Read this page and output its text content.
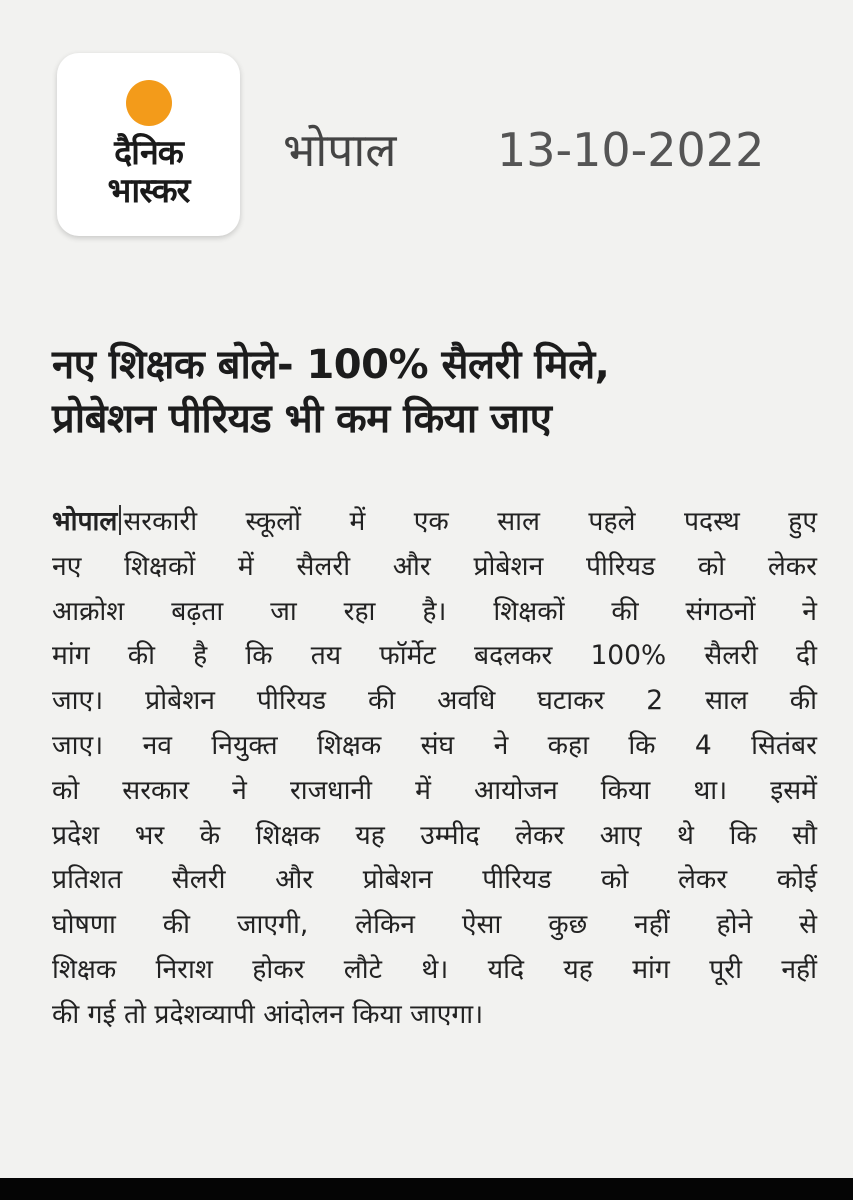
दैनिक
भास्कर
भोपाल 13-10-2022
नए शिक्षक बोले- 100% सैलरी मिले,
प्रोबेशन पीरियड भी कम किया जाए
भोपाल सरकारी स्कूलों में एक साल पहले पदस्थ हुए
नए शिक्षकों में सैलरी और प्रोबेशन पीरियड को लेकर
आक्रोश बढ़ता जा रहा है। शिक्षकों की संगठनों ने
मांग की है कि तय फॉर्मेट बदलकर 100% सैलरी दी
जाए। प्रोबेशन पीरियड की अवधि घटाकर 2 साल की
जाए। नव नियुक्त शिक्षक संघ ने कहा कि 4 सितंबर
को सरकार ने राजधानी में आयोजन किया था। इसमें
प्रदेश भर के शिक्षक यह उम्मीद लेकर आए थे कि सौ
प्रतिशत सैलरी और प्रोबेशन पीरियड को लेकर कोई
घोषणा की जाएगी, लेकिन ऐसा कुछ नहीं होने से
शिक्षक निराश होकर लौटे थे। यदि यह मांग पूरी नहीं
की गई तो प्रदेशव्यापी आंदोलन किया जाएगा।
